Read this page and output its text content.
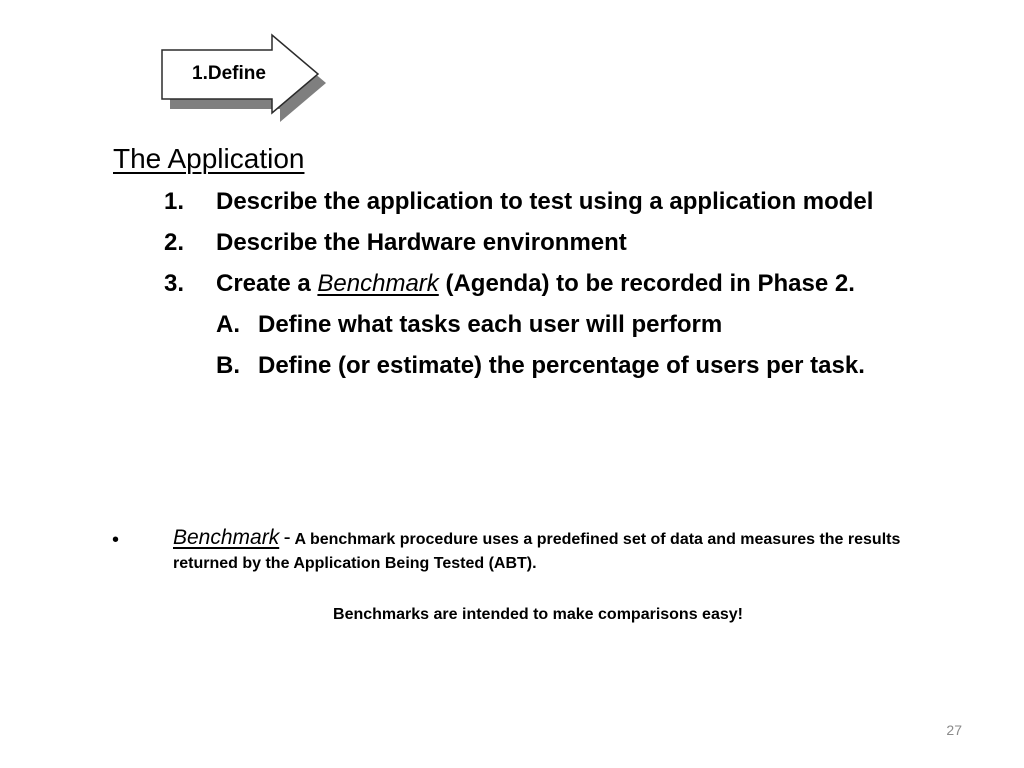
1.Define
The Application
1.	Describe the application to test using a application model
2.	Describe the Hardware environment
3.	Create a Benchmark (Agenda) to be recorded in Phase 2.
A. Define what tasks each user will perform
B. Define (or estimate) the percentage of users per task.
•	Benchmark - A benchmark procedure uses a predefined set of data and measures the results returned by the Application Being Tested (ABT).
Benchmarks are intended to make comparisons easy!
27
